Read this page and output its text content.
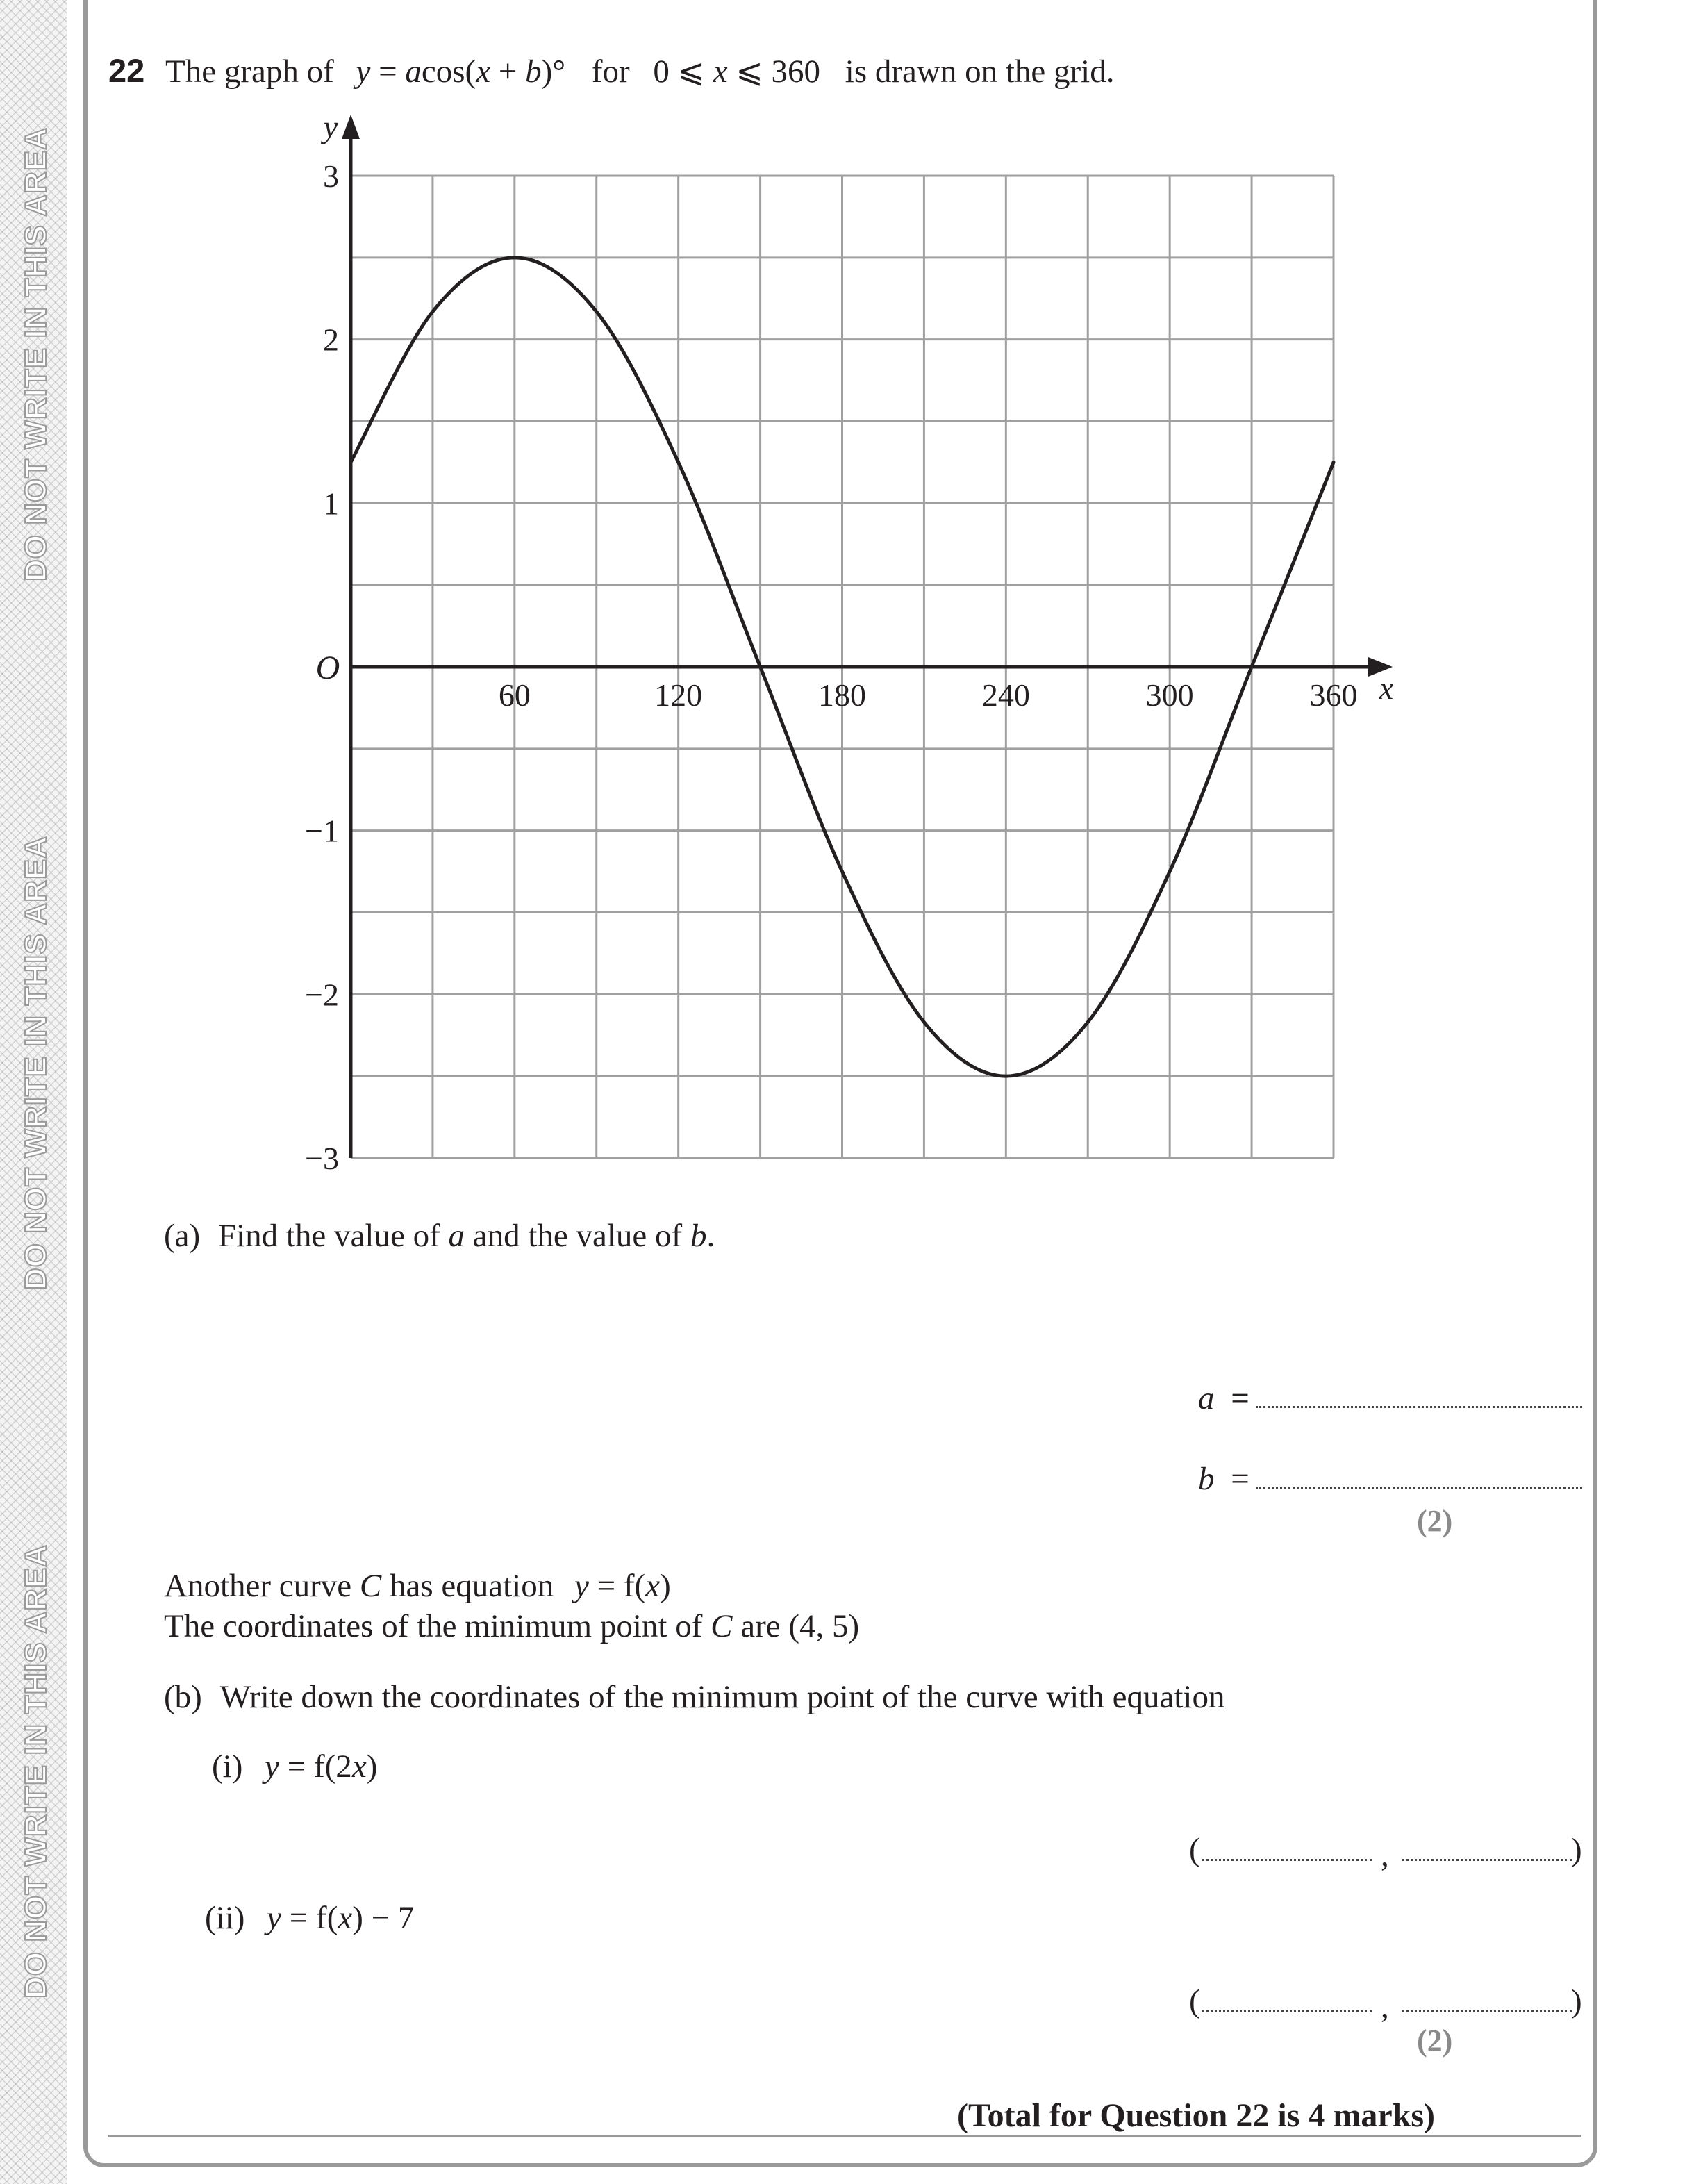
DO NOT WRITE IN THIS AREA
DO NOT WRITE IN THIS AREA
DO NOT WRITE IN THIS AREA
22 The graph of y = acos(x + b)° for 0 ⩽ x ⩽ 360 is drawn on the grid.
y
x
O
60	120	180	240	300	360
3
2
1
−1
−2
−3
(a) Find the value of a and the value of b.
a =
b =
(2)
Another curve C has equation y = f(x)
The coordinates of the minimum point of C are (4, 5)
(b) Write down the coordinates of the minimum point of the curve with equation
(i) y = f(2x)
(	,	)
(ii) y = f(x) − 7
(	,	)
(2)
(Total for Question 22 is 4 marks)
